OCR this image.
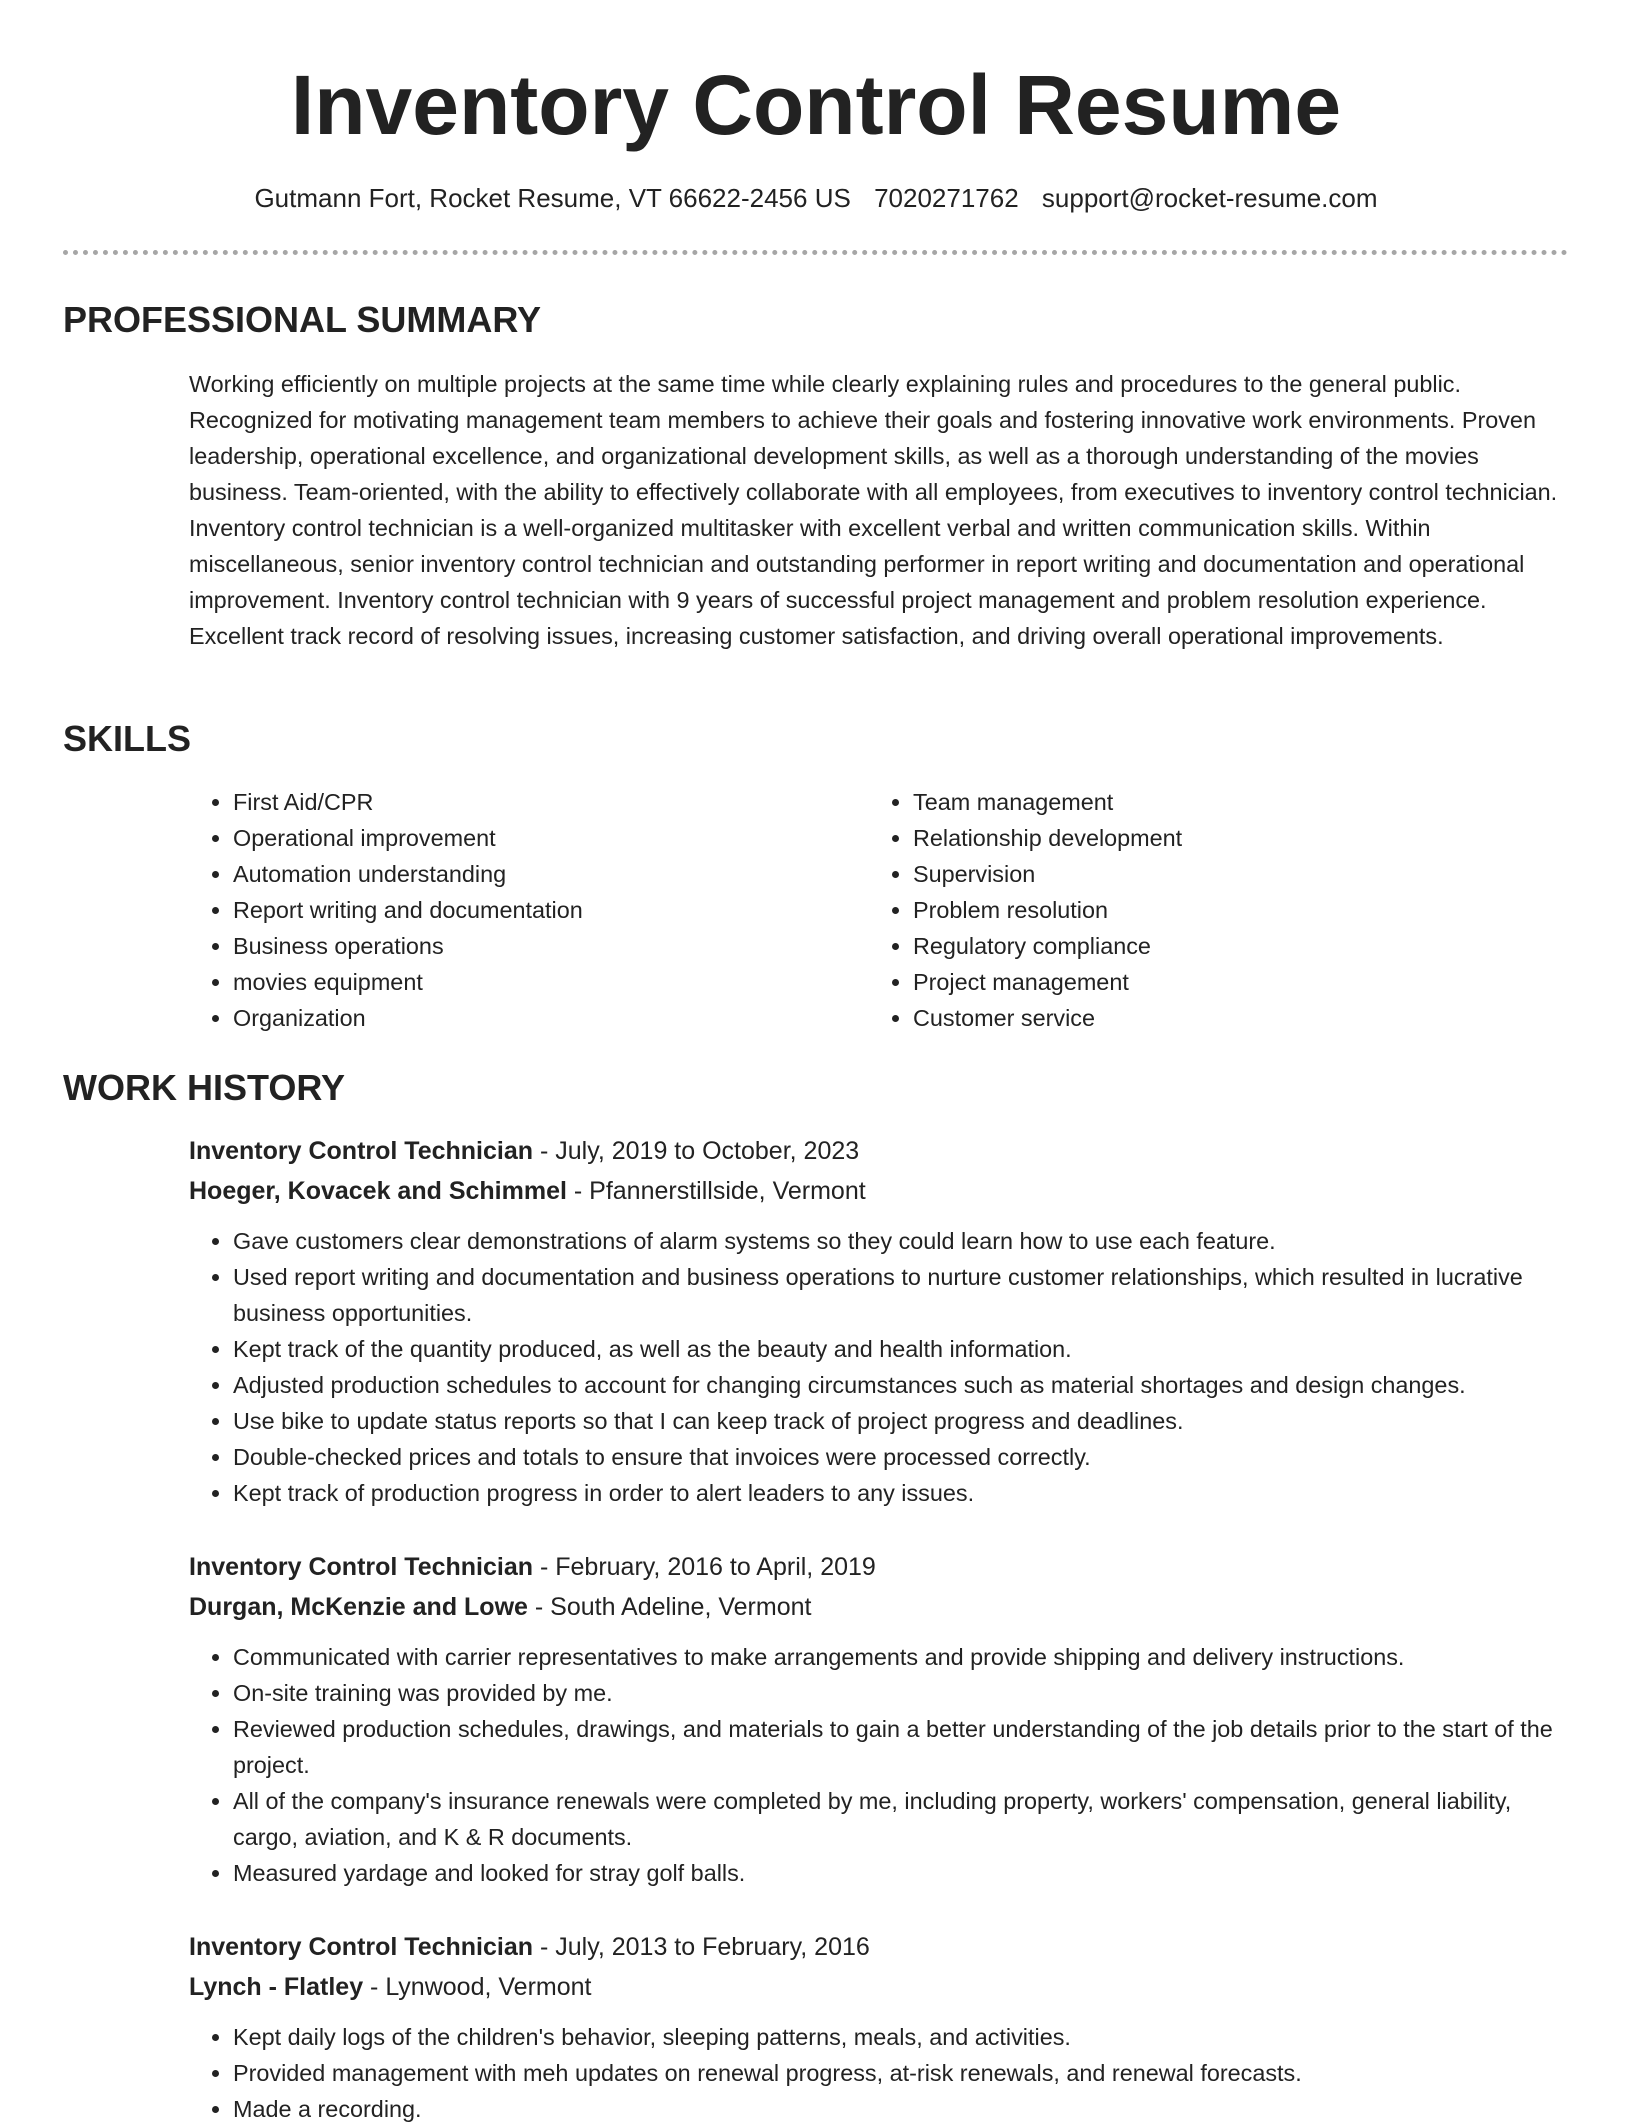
Inventory Control Resume
Gutmann Fort, Rocket Resume, VT 66622-2456 US 7020271762 support@rocket-resume.com
PROFESSIONAL SUMMARY

Working efficiently on multiple projects at the same time while clearly explaining rules and procedures to the general public. Recognized for motivating management team members to achieve their goals and fostering innovative work environments. Proven leadership, operational excellence, and organizational development skills, as well as a thorough understanding of the movies business. Team-oriented, with the ability to effectively collaborate with all employees, from executives to inventory control technician. Inventory control technician is a well-organized multitasker with excellent verbal and written communication skills. Within miscellaneous, senior inventory control technician and outstanding performer in report writing and documentation and operational improvement. Inventory control technician with 9 years of successful project management and problem resolution experience. Excellent track record of resolving issues, increasing customer satisfaction, and driving overall operational improvements.

SKILLS
• First Aid/CPR
• Operational improvement
• Automation understanding
• Report writing and documentation
• Business operations
• movies equipment
• Organization
• Team management
• Relationship development
• Supervision
• Problem resolution
• Regulatory compliance
• Project management
• Customer service
WORK HISTORY

Inventory Control Technician - July, 2019 to October, 2023

Hoeger, Kovacek and Schimmel - Pfannerstillside, Vermont

• Gave customers clear demonstrations of alarm systems so they could learn how to use each feature.
• Used report writing and documentation and business operations to nurture customer relationships, which resulted in lucrative business opportunities.
• Kept track of the quantity produced, as well as the beauty and health information.
• Adjusted production schedules to account for changing circumstances such as material shortages and design changes.
• Use bike to update status reports so that I can keep track of project progress and deadlines.
• Double-checked prices and totals to ensure that invoices were processed correctly.
• Kept track of production progress in order to alert leaders to any issues.

Inventory Control Technician - February, 2016 to April, 2019

Durgan, McKenzie and Lowe - South Adeline, Vermont

• Communicated with carrier representatives to make arrangements and provide shipping and delivery instructions.
• On-site training was provided by me.
• Reviewed production schedules, drawings, and materials to gain a better understanding of the job details prior to the start of the project.
• All of the company's insurance renewals were completed by me, including property, workers' compensation, general liability, cargo, aviation, and K & R documents.
• Measured yardage and looked for stray golf balls.

Inventory Control Technician - July, 2013 to February, 2016

Lynch - Flatley - Lynwood, Vermont

• Kept daily logs of the children's behavior, sleeping patterns, meals, and activities.
• Provided management with meh updates on renewal progress, at-risk renewals, and renewal forecasts.
• Made a recording.
